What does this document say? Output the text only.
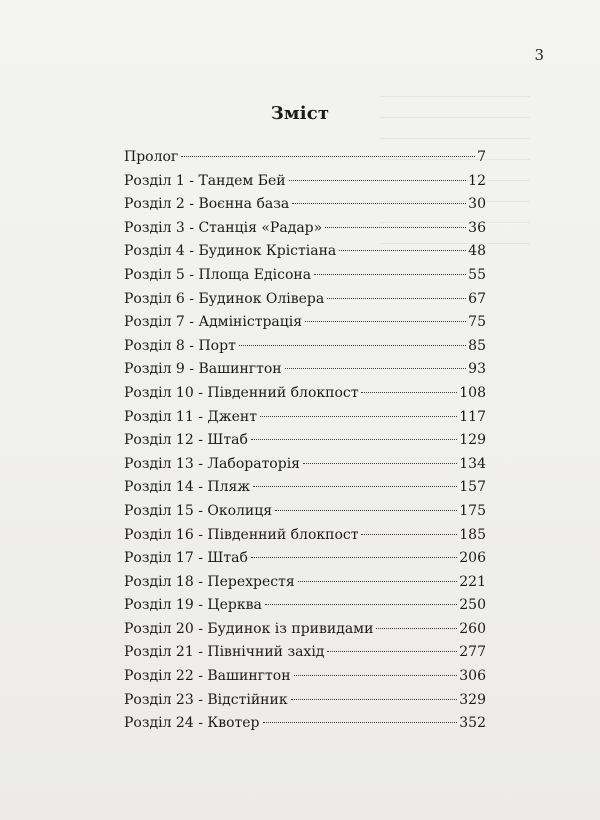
3
Зміст
Пролог	7
Розділ 1 - Тандем Бей	12
Розділ 2 - Воєнна база	30
Розділ 3 - Станція «Радар»	36
Розділ 4 - Будинок Крістіана	48
Розділ 5 - Площа Едісона	55
Розділ 6 - Будинок Олівера	67
Розділ 7 - Адміністрація	75
Розділ 8 - Порт	85
Розділ 9 - Вашингтон	93
Розділ 10 - Південний блокпост	108
Розділ 11 - Джент	117
Розділ 12 - Штаб	129
Розділ 13 - Лабораторія	134
Розділ 14 - Пляж	157
Розділ 15 - Околиця	175
Розділ 16 - Південний блокпост	185
Розділ 17 - Штаб	206
Розділ 18 - Перехрестя	221
Розділ 19 - Церква	250
Розділ 20 - Будинок із привидами	260
Розділ 21 - Північний захід	277
Розділ 22 - Вашингтон	306
Розділ 23 - Відстійник	329
Розділ 24 - Квотер	352
